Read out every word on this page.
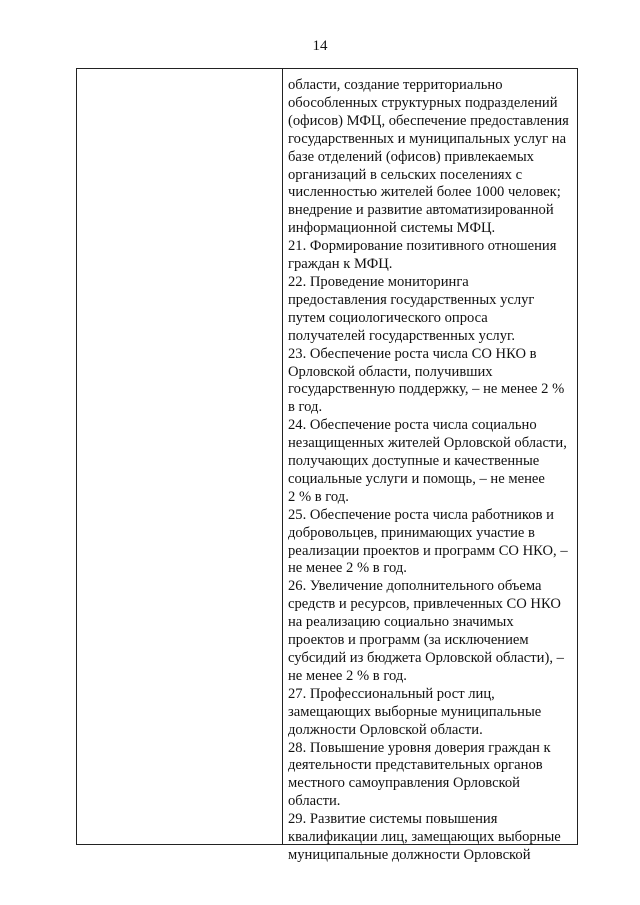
14
области, создание территориально
обособленных структурных подразделений
(офисов) МФЦ, обеспечение предоставления
государственных и муниципальных услуг на
базе отделений (офисов) привлекаемых
организаций в сельских поселениях с
численностью жителей более 1000 человек;
внедрение и развитие автоматизированной
информационной системы МФЦ.
21. Формирование позитивного отношения
граждан к МФЦ.
22. Проведение мониторинга
предоставления государственных услуг
путем социологического опроса
получателей государственных услуг.
23. Обеспечение роста числа СО НКО в
Орловской области, получивших
государственную поддержку, – не менее 2 %
в год.
24. Обеспечение роста числа социально
незащищенных жителей Орловской области,
получающих доступные и качественные
социальные услуги и помощь, – не менее
2 % в год.
25. Обеспечение роста числа работников и
добровольцев, принимающих участие в
реализации проектов и программ СО НКО, –
не менее 2 % в год.
26. Увеличение дополнительного объема
средств и ресурсов, привлеченных СО НКО
на реализацию социально значимых
проектов и программ (за исключением
субсидий из бюджета Орловской области), –
не менее 2 % в год.
27. Профессиональный рост лиц,
замещающих выборные муниципальные
должности Орловской области.
28. Повышение уровня доверия граждан к
деятельности представительных органов
местного самоуправления Орловской
области.
29. Развитие системы повышения
квалификации лиц, замещающих выборные
муниципальные должности Орловской
